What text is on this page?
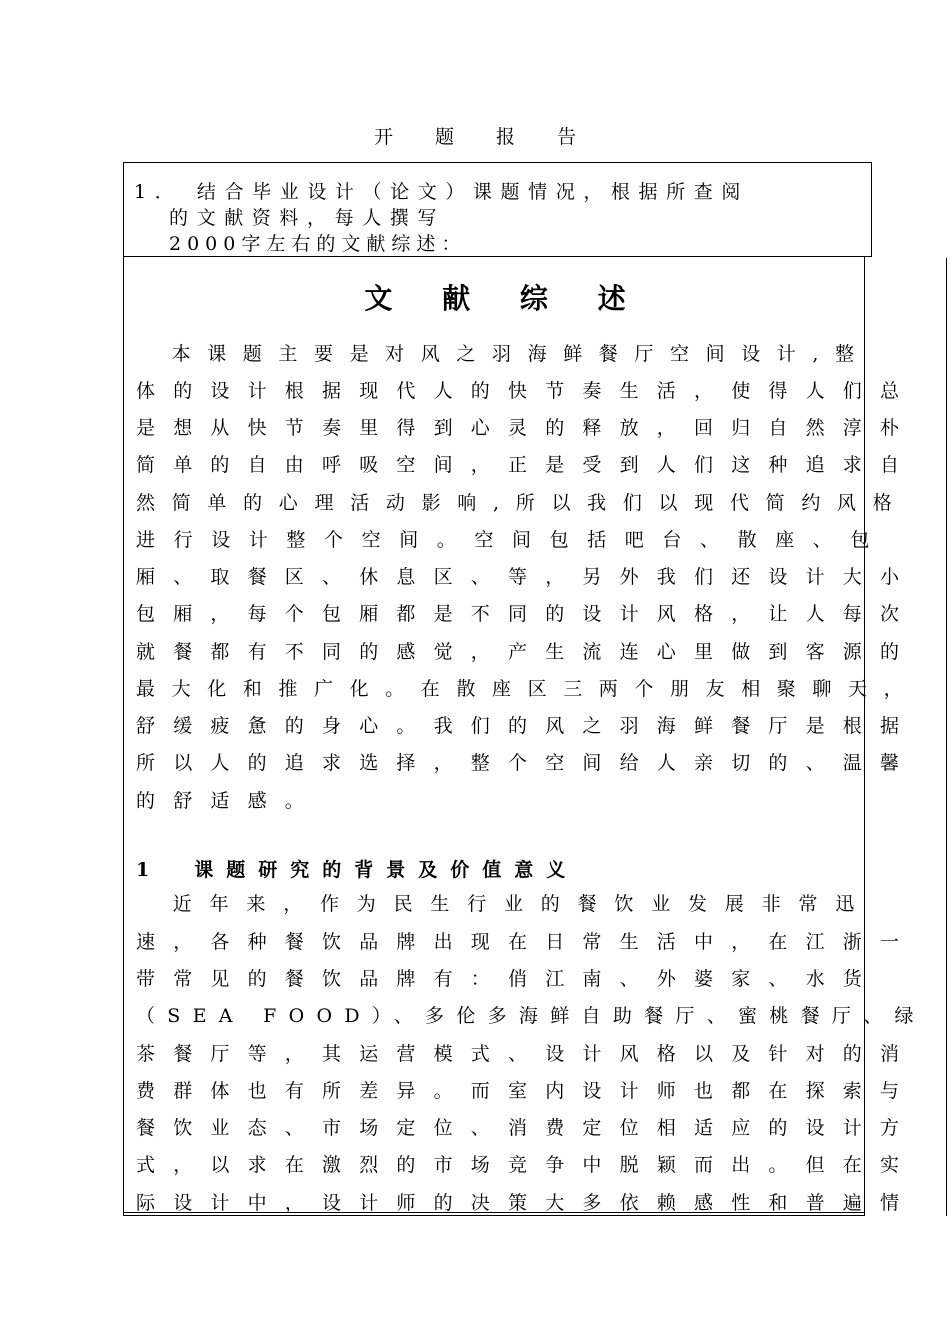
开 题 报 告
1． 结合毕业设计（论文）课题情况，根据所查阅
的文献资料，每人撰写
2000字左右的文献综述：
文 献 综 述
　本课题主要是对风之羽海鲜餐厅空间设计,整
体的设计根据现代人的快节奏生活，使得人们总
是想从快节奏里得到心灵的释放，回归自然淳朴
简单的自由呼吸空间，正是受到人们这种追求自
然简单的心理活动影响,所以我们以现代简约风格
进行设计整个空间。空间包括吧台、散座、包
厢、取餐区、休息区、等，另外我们还设计大小
包厢，每个包厢都是不同的设计风格，让人每次
就餐都有不同的感觉，产生流连心里做到客源的
最大化和推广化。在散座区三两个朋友相聚聊天，
舒缓疲惫的身心。我们的风之羽海鲜餐厅是根据
所以人的追求选择，整个空间给人亲切的、温馨
的舒适感。
1　课题研究的背景及价值意义
　近年来，作为民生行业的餐饮业发展非常迅
速，各种餐饮品牌出现在日常生活中，在江浙一
带常见的餐饮品牌有：俏江南、外婆家、水货
（SEA FOOD）、多伦多海鲜自助餐厅、蜜桃餐厅、绿
茶餐厅等，其运营模式、设计风格以及针对的消
费群体也有所差异。而室内设计师也都在探索与
餐饮业态、市场定位、消费定位相适应的设计方
式，以求在激烈的市场竞争中脱颖而出。但在实
际设计中，设计师的决策大多依赖感性和普遍情
